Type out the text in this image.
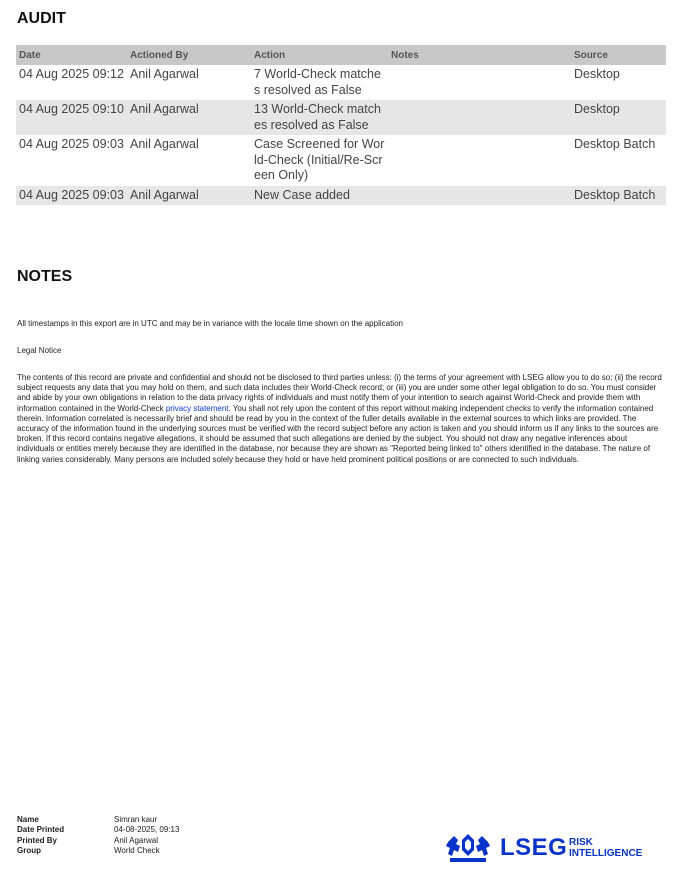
AUDIT
Date	Actioned By	Action	Notes	Source
04 Aug 2025 09:12	Anil Agarwal	7 World-Check matches resolved as False		Desktop
04 Aug 2025 09:10	Anil Agarwal	13 World-Check matches resolved as False		Desktop
04 Aug 2025 09:03	Anil Agarwal	Case Screened for World-Check (Initial/Re-Screen Only)		Desktop Batch
04 Aug 2025 09:03	Anil Agarwal	New Case added		Desktop Batch
NOTES

All timestamps in this export are in UTC and may be in variance with the locale time shown on the application

Legal Notice

The contents of this record are private and confidential and should not be disclosed to third parties unless: (i) the terms of your agreement with LSEG allow you to do so; (ii) the record subject requests any data that you may hold on them, and such data includes their World-Check record; or (iii) you are under some other legal obligation to do so. You must consider and abide by your own obligations in relation to the data privacy rights of individuals and must notify them of your intention to search against World-Check and provide them with information contained in the World-Check privacy statement. You shall not rely upon the content of this report without making independent checks to verify the information contained therein. Information correlated is necessarily brief and should be read by you in the context of the fuller details available in the external sources to which links are provided. The accuracy of the information found in the underlying sources must be verified with the record subject before any action is taken and you should inform us if any links to the sources are broken. If this record contains negative allegations, it should be assumed that such allegations are denied by the subject. You should not draw any negative inferences about individuals or entities merely because they are identified in the database, nor because they are shown as "Reported being linked to" others identified in the database. The nature of linking varies considerably. Many persons are included solely because they hold or have held prominent political positions or are connected to such individuals.

Name	Simran kaur
Date Printed	04-08-2025, 09:13
Printed By	Anil Agarwal
Group	World Check	LSEG RISK
INTELLIGENCE
